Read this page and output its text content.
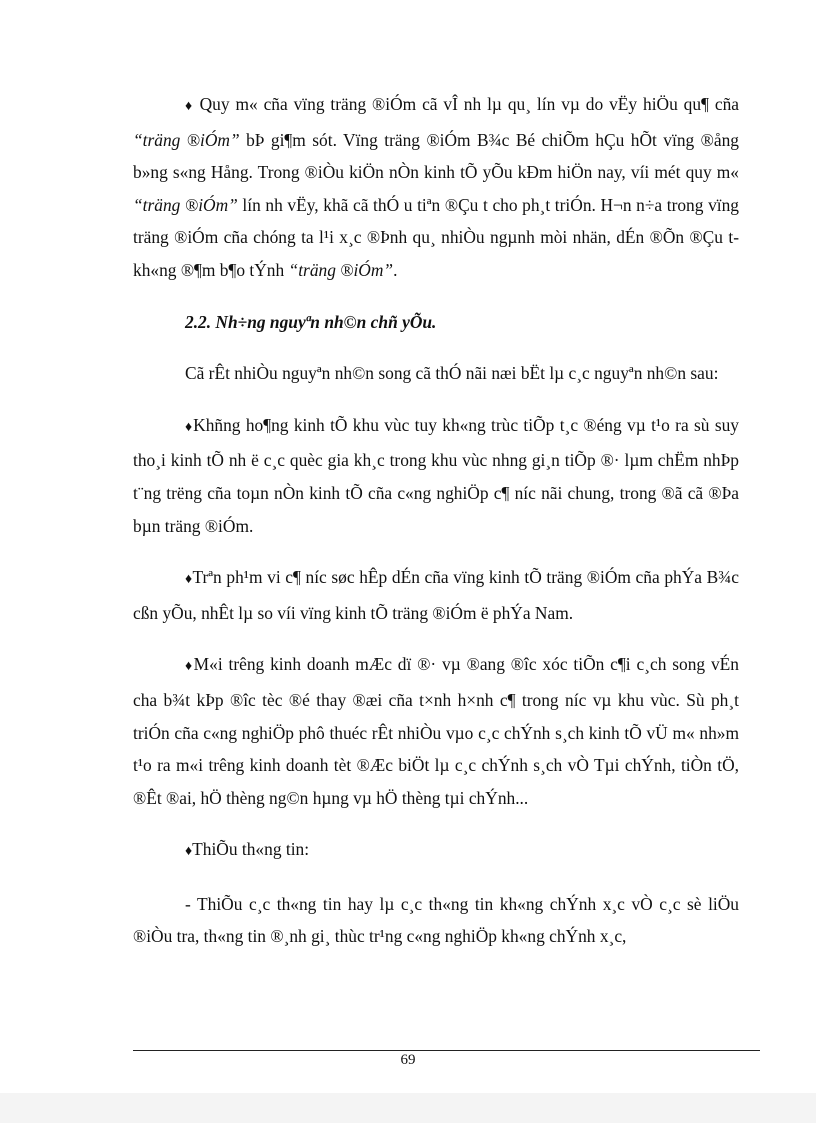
♦ Quy m« cña vïng träng ®iÓm cã vÎ nh lµ qu¸ lín vµ do vËy hiÖu qu¶ cña “träng ®iÓm” bÞ gi¶m sót. Vïng träng ®iÓm B¾c Bé chiÕm hÇu hÕt vïng ®ång b»ng s«ng Hång. Trong ®iÒu kiÖn nÒn kinh tÕ yÕu kÐm hiÖn nay, víi mét quy m« “träng ®iÓm” lín nh vËy, khã cã thÓ u tiªn ®Çu t cho ph¸t triÓn. H¬n n÷a trong vïng träng ®iÓm cña chóng ta l¹i x¸c ®Þnh qu¸ nhiÒu ngµnh mòi nhän, dÉn ®Õn ®Çu t kh«ng ®¶m b¶o tÝnh “träng ®iÓm”.

2.2. Nh÷ng nguyªn nh©n chñ yÕu.

Cã rÊt nhiÒu nguyªn nh©n song cã thÓ nãi næi bËt lµ c¸c nguyªn nh©n sau:

♦Khñng ho¶ng kinh tÕ khu vùc tuy kh«ng trùc tiÕp t¸c ®éng vµ t¹o ra sù suy tho¸i kinh tÕ nh ë c¸c quèc gia kh¸c trong khu vùc nhng gi¸n tiÕp ®· lµm chËm nhÞp t¨ng trëng cña toµn nÒn kinh tÕ cña c«ng nghiÖp c¶ níc nãi chung, trong ®ã cã ®Þa bµn träng ®iÓm.

♦Trªn ph¹m vi c¶ níc søc hÊp dÉn cña vïng kinh tÕ träng ®iÓm cña phÝa B¾c cßn yÕu, nhÊt lµ so víi vïng kinh tÕ träng ®iÓm ë phÝa Nam.

♦M«i trêng kinh doanh mÆc dï ®· vµ ®ang ®îc xóc tiÕn c¶i c¸ch song vÉn cha b¾t kÞp ®îc tèc ®é thay ®æi cña t×nh h×nh c¶ trong níc vµ khu vùc. Sù ph¸t triÓn cña c«ng nghiÖp phô thuéc rÊt nhiÒu vµo c¸c chÝnh s¸ch kinh tÕ vÜ m« nh»m t¹o ra m«i trêng kinh doanh tèt ®Æc biÖt lµ c¸c chÝnh s¸ch vÒ Tµi chÝnh, tiÒn tÖ, ®Êt ®ai, hÖ thèng ng©n hµng vµ hÖ thèng tµi chÝnh...

♦ThiÕu th«ng tin:

- ThiÕu c¸c th«ng tin hay lµ c¸c th«ng tin kh«ng chÝnh x¸c vÒ c¸c sè liÖu ®iÒu tra, th«ng tin ®¸nh gi¸ thùc tr¹ng c«ng nghiÖp kh«ng chÝnh x¸c,

69
